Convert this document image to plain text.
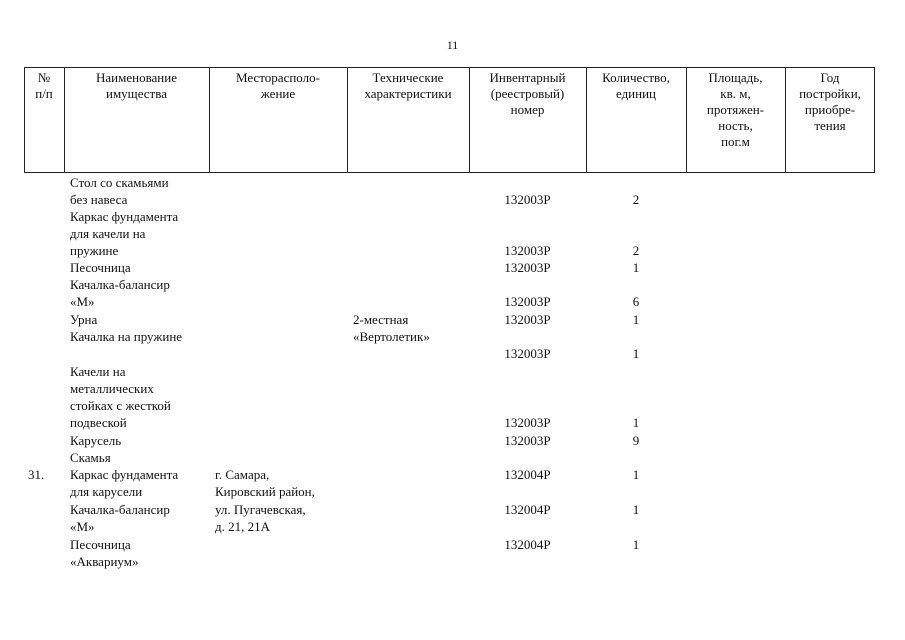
11
№
п/п
Наименование
имущества
Месторасполо-
жение
Технические
характеристики
Инвентарный
(реестровый)
номер
Количество,
единиц
Площадь,
кв. м,
протяжен-
ность,
пог.м
Год
постройки,
приобре-
тения
31.
Стол со скамьями
без навеса
Каркас фундамента
для качели на
пружине
Песочница
Качалка-балансир
«М»
Урна
Качалка на пружине
Качели на
металлических
стойках с жесткой
подвеской
Карусель
Скамья
Каркас фундамента
для карусели
Качалка-балансир
«М»
Песочница
«Аквариум»
г. Самара,
Кировский район,
ул. Пугачевская,
д. 21, 21А
2-местная
«Вертолетик»
132003Р
132003Р
132003Р
132003Р
132003Р
132003Р
132003Р
132003Р
132004Р
132004Р
132004Р
2
2
1
6
1
1
1
9
1
1
1
